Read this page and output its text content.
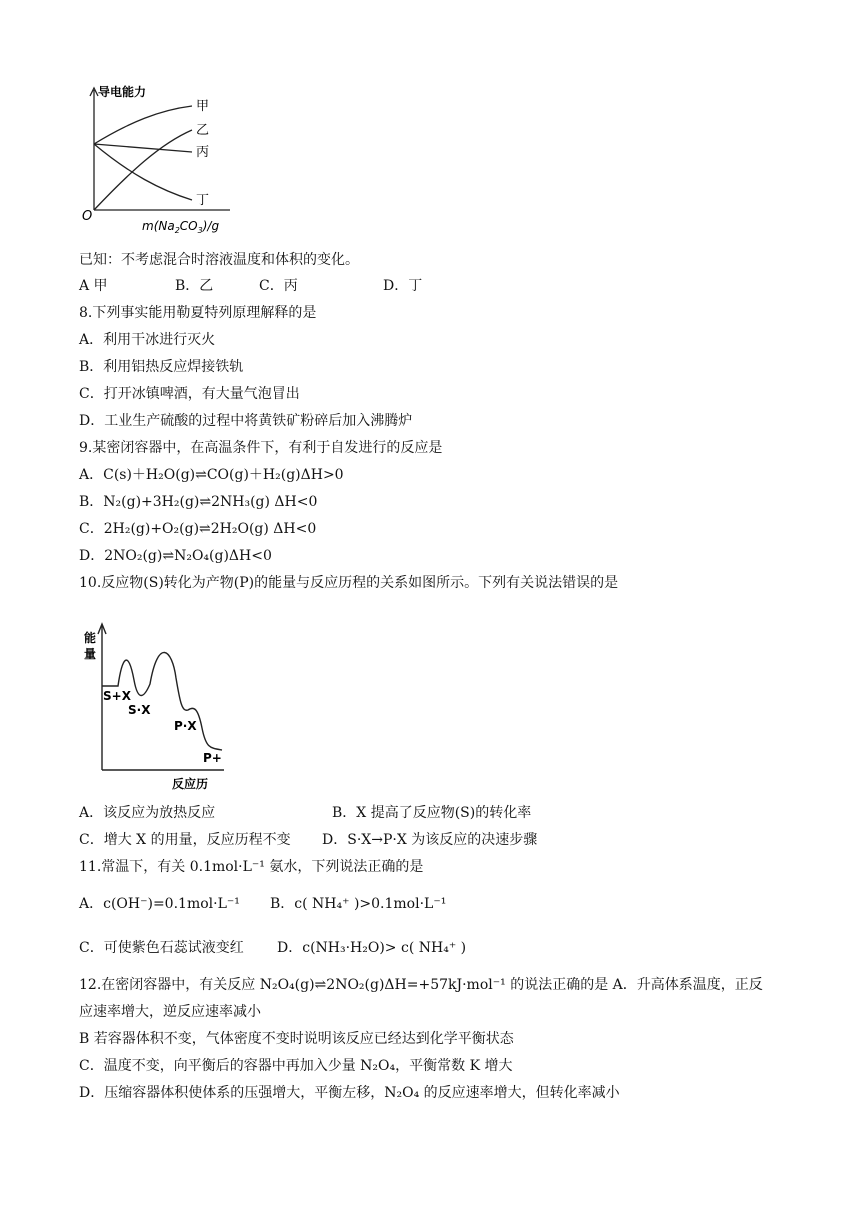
导电能力
O
甲
乙
丙
丁
$m(Na_2CO_3)/g$
已知：不考虑混合时溶液温度和体积的变化。
A 甲	B．乙	C．丙	D．丁
8.下列事实能用勒夏特列原理解释的是
A．利用干冰进行灭火
B．利用铝热反应焊接铁轨
C．打开冰镇啤酒，有大量气泡冒出
D．工业生产硫酸的过程中将黄铁矿粉碎后加入沸腾炉
9.某密闭容器中，在高温条件下，有利于自发进行的反应是
A．C(s)＋H₂O(g)⇌CO(g)＋H₂(g)ΔH>0
B．N₂(g)+3H₂(g)⇌2NH₃(g) ΔH<0
C．2H₂(g)+O₂(g)⇌2H₂O(g) ΔH<0
D．2NO₂(g)⇌N₂O₄(g)ΔH<0
10.反应物(S)转化为产物(P)的能量与反应历程的关系如图所示。下列有关说法错误的是
能
量
S+X
S·X
P·X
P+
反应历
A．该反应为放热反应	B．X 提高了反应物(S)的转化率
C．增大 X 的用量，反应历程不变 D．S·X→P·X 为该反应的决速步骤
11.常温下，有关 0.1mol·L⁻¹ 氨水，下列说法正确的是
A．c(OH⁻)=0.1mol·L⁻¹ B．c( NH₄⁺ )>0.1mol·L⁻¹
C．可使紫色石蕊试液变红 D．c(NH₃·H₂O)> c( NH₄⁺ )
12.在密闭容器中，有关反应 N₂O₄(g)⇌2NO₂(g)ΔH=+57kJ·mol⁻¹ 的说法正确的是 A．升高体系温度，正反
应速率增大，逆反应速率减小
B 若容器体积不变，气体密度不变时说明该反应已经达到化学平衡状态
C．温度不变，向平衡后的容器中再加入少量 N₂O₄，平衡常数 K 增大
D．压缩容器体积使体系的压强增大，平衡左移，N₂O₄ 的反应速率增大，但转化率减小
